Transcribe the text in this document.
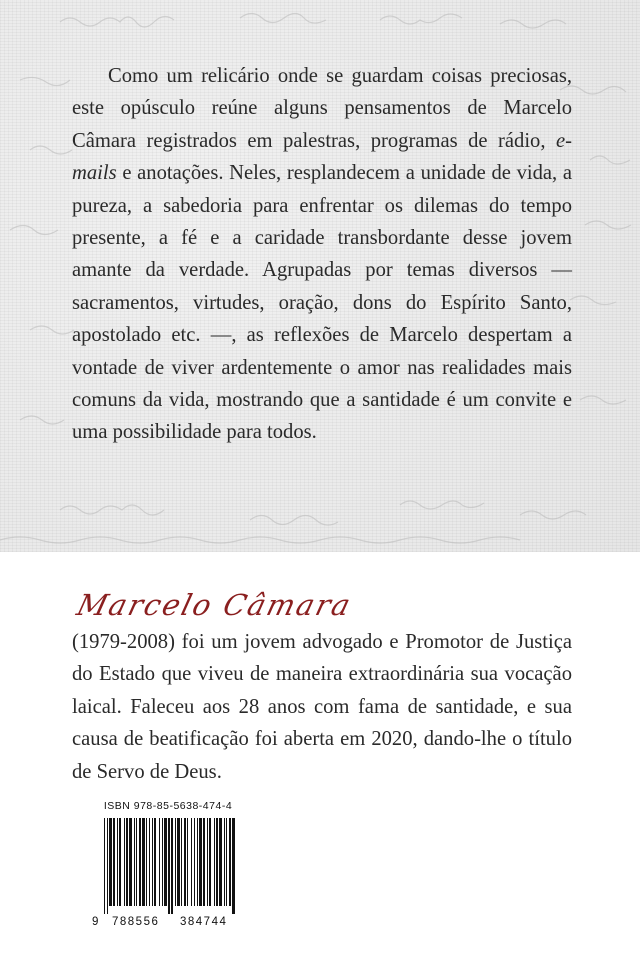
Como um relicário onde se guardam coisas preciosas, este opúsculo reúne alguns pensamentos de Marcelo Câmara registrados em palestras, programas de rádio, e-mails e anotações. Neles, resplandecem a unidade de vida, a pureza, a sabedoria para enfrentar os dilemas do tempo presente, a fé e a caridade transbordante desse jovem amante da verdade. Agrupadas por temas diversos — sacramentos, virtudes, oração, dons do Espírito Santo, apostolado etc. —, as reflexões de Marcelo despertam a vontade de viver ardentemente o amor nas realidades mais comuns da vida, mostrando que a santidade é um convite e uma possibilidade para todos.

Marcelo Câmara

(1979-2008) foi um jovem advogado e Promotor de Justiça do Estado que viveu de maneira extraordinária sua vocação laical. Faleceu aos 28 anos com fama de santidade, e sua causa de beatificação foi aberta em 2020, dando-lhe o título de Servo de Deus.

ISBN 978-85-5638-474-4
9 788556 384744
